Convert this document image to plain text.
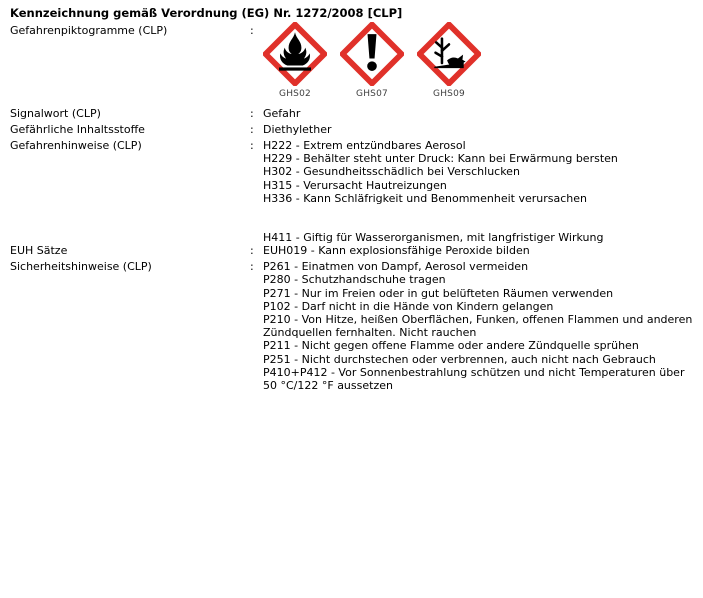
Kennzeichnung gemäß Verordnung (EG) Nr. 1272/2008 [CLP]
Gefahrenpiktogramme (CLP)	:
GHS02	GHS07	GHS09
Signalwort (CLP)	: Gefahr
Gefährliche Inhaltsstoffe	: Diethylether
Gefahrenhinweise (CLP)	: H222 - Extrem entzündbares Aerosol
H229 - Behälter steht unter Druck: Kann bei Erwärmung bersten
H302 - Gesundheitsschädlich bei Verschlucken
H315 - Verursacht Hautreizungen
H336 - Kann Schläfrigkeit und Benommenheit verursachen
H411 - Giftig für Wasserorganismen, mit langfristiger Wirkung
EUH Sätze	: EUH019 - Kann explosionsfähige Peroxide bilden
Sicherheitshinweise (CLP)	: P261 - Einatmen von Dampf, Aerosol vermeiden
P280 - Schutzhandschuhe tragen
P271 - Nur im Freien oder in gut belüfteten Räumen verwenden
P102 - Darf nicht in die Hände von Kindern gelangen
P210 - Von Hitze, heißen Oberflächen, Funken, offenen Flammen und anderen Zündquellen fernhalten. Nicht rauchen
P211 - Nicht gegen offene Flamme oder andere Zündquelle sprühen
P251 - Nicht durchstechen oder verbrennen, auch nicht nach Gebrauch
P410+P412 - Vor Sonnenbestrahlung schützen und nicht Temperaturen über 50 °C/122 °F aussetzen
